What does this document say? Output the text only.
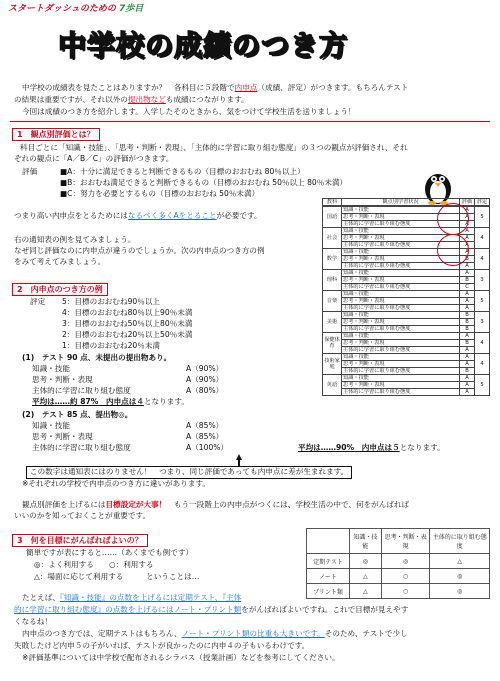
スタートダッシュのための 7歩目
中学校の成績のつき方
中学校の成績表を見たことはありますか？　各科目に５段階で内申点（成績、評定）がつきます。もちろんテスト
の結果は重要ですが、それ以外の提出物なども成績につながります。
今回は成績のつき方を紹介します。入学したそのときから、気をつけて学校生活を送りましょう！
1　観点別評価とは？
科目ごとに「知識・技能」、「思考・判断・表現」、「主体的に学習に取り組む態度」の３つの観点が評価され、それ
ぞれの観点に「A／B／C」の評価がつきます。
評価	■A：十分に満足できると判断できるもの（目標のおおむね 80％以上）
■B：おおむね満足できると判断できるもの（目標のおおむね 50％以上 80％未満）
■C：努力を必要とするもの（目標のおおむね 50％未満）
つまり高い内申点をとるためにはなるべく多くAをとることが必要です。
右の通知表の例を見てみましょう。
なぜ同じ評価なのに内申点が違うのでしょうか。次の内申点のつき方の例
をみて考えてみましょう。
教科	観点別学習状況	評価	評定
国語	知識・技能	A	5
	思考・判断・表現	A	
	主体的に学習に取り組む態度	A	
社会	知識・技能	A	4
	思考・判断・表現	A	
	主体的に学習に取り組む態度	A	
数学	知識・技能	A	4
	思考・判断・表現	B	
	主体的に学習に取り組む態度	A	
理科	知識・技能	A	3
	思考・判断・表現	B	
	主体的に学習に取り組む態度	C	
音楽	知識・技能	A	5
	思考・判断・表現	A	
	主体的に学習に取り組む態度	A	
美術	知識・技能	B	3
	思考・判断・表現	B	
	主体的に学習に取り組む態度	B	
保健体育	知識・技能	A	4
	思考・判断・表現	B	
	主体的に学習に取り組む態度	A	
技術家庭	知識・技能	A	4
	思考・判断・表現	A	
	主体的に学習に取り組む態度	B	
英語	知識・技能	A	5
	思考・判断・表現	A	
	主体的に学習に取り組む態度	A	
2　内申点のつき方の例
評定 5：目標のおおむね90％以上
4：目標のおおむね80％以上90％未満
3：目標のおおむね50％以上80％未満
2：目標のおおむね20％以上50％未満
1：目標のおおむね20％未満
(1)　テスト 90 点、未提出の提出物あり。
知識・技能	A（90%）
思考・判断・表現	A（90%）
主体的に学習に取り組む態度	A（80%）
平均は……約 87%　内申点は４となります。
(2)　テスト 85 点、提出物◎。
知識・技能	A（85%）
思考・判断・表現	A（85%）
主体的に学習に取り組む態度	A（100%）	平均は……90%　内申点は５となります。
この数字は通知表にはのりません！　つまり、同じ評価であっても内申点に差が生まれます。
※それぞれの学校で内申点のつき方に違いがあります。
観点別評価を上げるには目標設定が大事！　もう一段階上の内申点がつくには、学校生活の中で、何をがんばれば
いいのかを知っておくことが重要です。
3　何を目標にがんばればよいの？
簡単ですが表にすると……（あくまでも例です）
◎：よく利用する　　○：利用する
△：場面に応じて利用する　　　ということは…
	知識・技能	思考・判断・表現	主体的に取り組む態度
定期テスト	◎	◎	△
ノート	△	○	◎
プリント類	△	○	◎
たとえば、『知識・技能』の点数を上げるには定期テスト、『主体
的に学習に取り組む態度』の点数を上げるにはノート・プリント類をがんばればよいですね。これで目標が見えやす
くなるね！
内申点のつき方では、定期テストはもちろん、ノート・プリント類の比重も大きいです。そのため、テストで少し
失敗したけど内申５の子がいれば、テストが良かったのに内申４の子もいるわけです。
※評価基準については中学校で配布されるシラバス（授業計画）などを参考にしてください。
